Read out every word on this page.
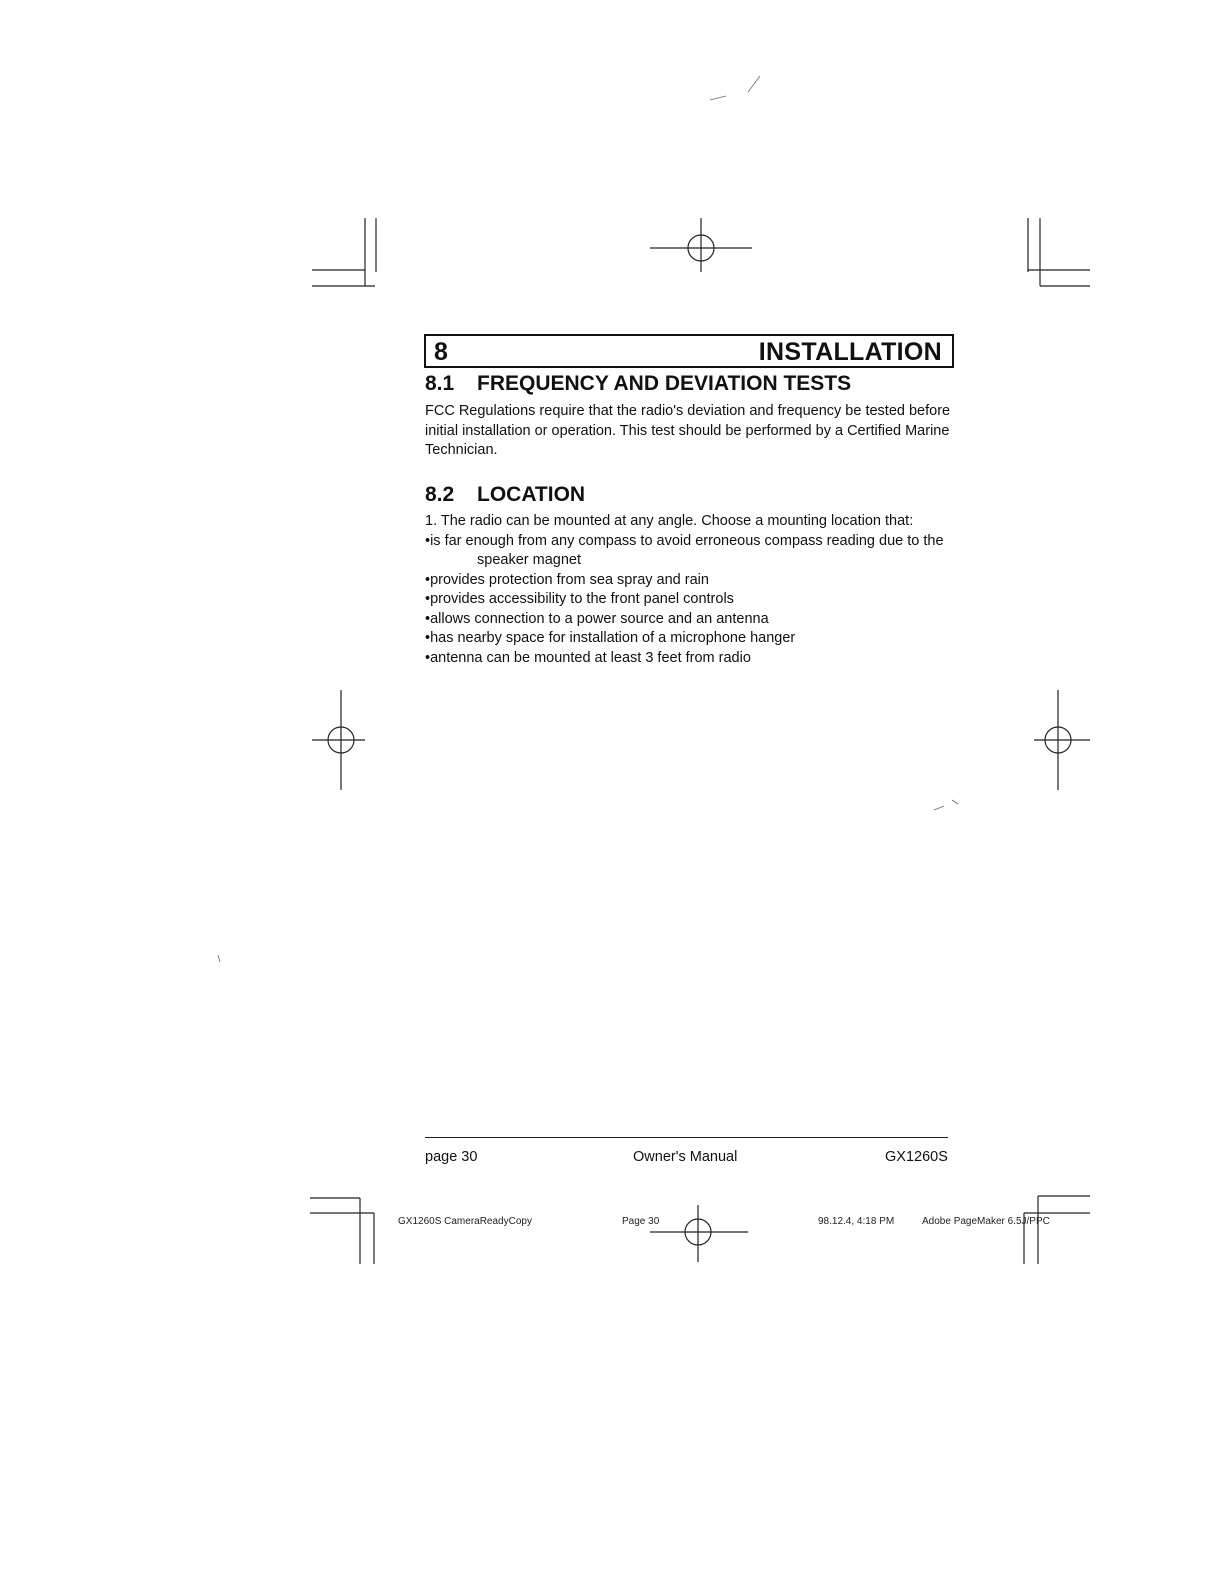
8	INSTALLATION
8.1 FREQUENCY AND DEVIATION TESTS

FCC Regulations require that the radio's deviation and frequency be tested before initial installation or operation. This test should be performed by a Certified Marine Technician.

8.2 LOCATION
1. The radio can be mounted at any angle. Choose a mounting location that:
•is far enough from any compass to avoid erroneous compass reading due to the speaker magnet
•provides protection from sea spray and rain
•provides accessibility to the front panel controls
•allows connection to a power source and an antenna
•has nearby space for installation of a microphone hanger
•antenna can be mounted at least 3 feet from radio
page 30	Owner's Manual	GX1260S
GX1260S CameraReadyCopy	Page 30	98.12.4, 4:18 PM	Adobe PageMaker 6.5J/PPC
